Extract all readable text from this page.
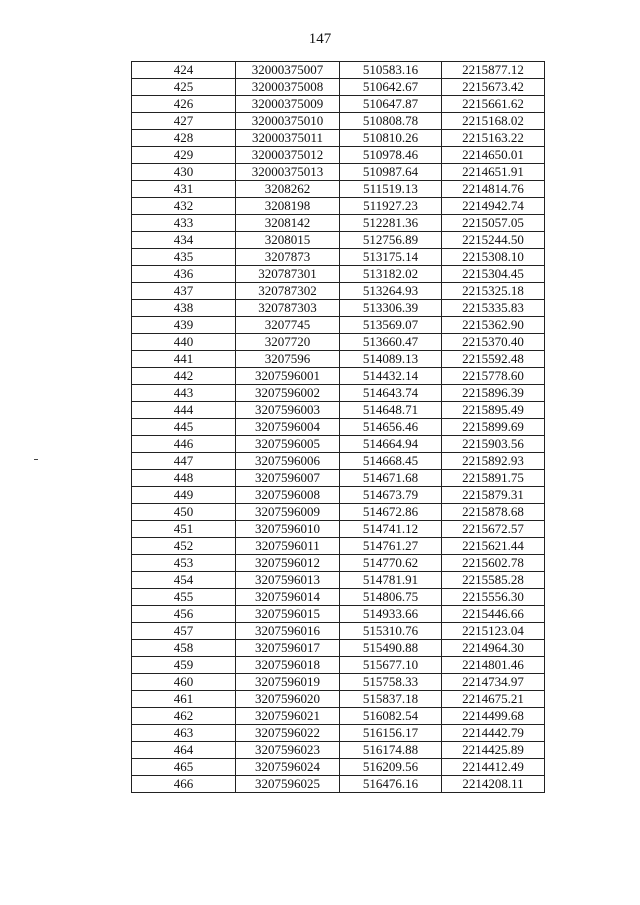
147
424	32000375007	510583.16	2215877.12
425	32000375008	510642.67	2215673.42
426	32000375009	510647.87	2215661.62
427	32000375010	510808.78	2215168.02
428	32000375011	510810.26	2215163.22
429	32000375012	510978.46	2214650.01
430	32000375013	510987.64	2214651.91
431	3208262	511519.13	2214814.76
432	3208198	511927.23	2214942.74
433	3208142	512281.36	2215057.05
434	3208015	512756.89	2215244.50
435	3207873	513175.14	2215308.10
436	320787301	513182.02	2215304.45
437	320787302	513264.93	2215325.18
438	320787303	513306.39	2215335.83
439	3207745	513569.07	2215362.90
440	3207720	513660.47	2215370.40
441	3207596	514089.13	2215592.48
442	3207596001	514432.14	2215778.60
443	3207596002	514643.74	2215896.39
444	3207596003	514648.71	2215895.49
445	3207596004	514656.46	2215899.69
446	3207596005	514664.94	2215903.56
447	3207596006	514668.45	2215892.93
448	3207596007	514671.68	2215891.75
449	3207596008	514673.79	2215879.31
450	3207596009	514672.86	2215878.68
451	3207596010	514741.12	2215672.57
452	3207596011	514761.27	2215621.44
453	3207596012	514770.62	2215602.78
454	3207596013	514781.91	2215585.28
455	3207596014	514806.75	2215556.30
456	3207596015	514933.66	2215446.66
457	3207596016	515310.76	2215123.04
458	3207596017	515490.88	2214964.30
459	3207596018	515677.10	2214801.46
460	3207596019	515758.33	2214734.97
461	3207596020	515837.18	2214675.21
462	3207596021	516082.54	2214499.68
463	3207596022	516156.17	2214442.79
464	3207596023	516174.88	2214425.89
465	3207596024	516209.56	2214412.49
466	3207596025	516476.16	2214208.11
